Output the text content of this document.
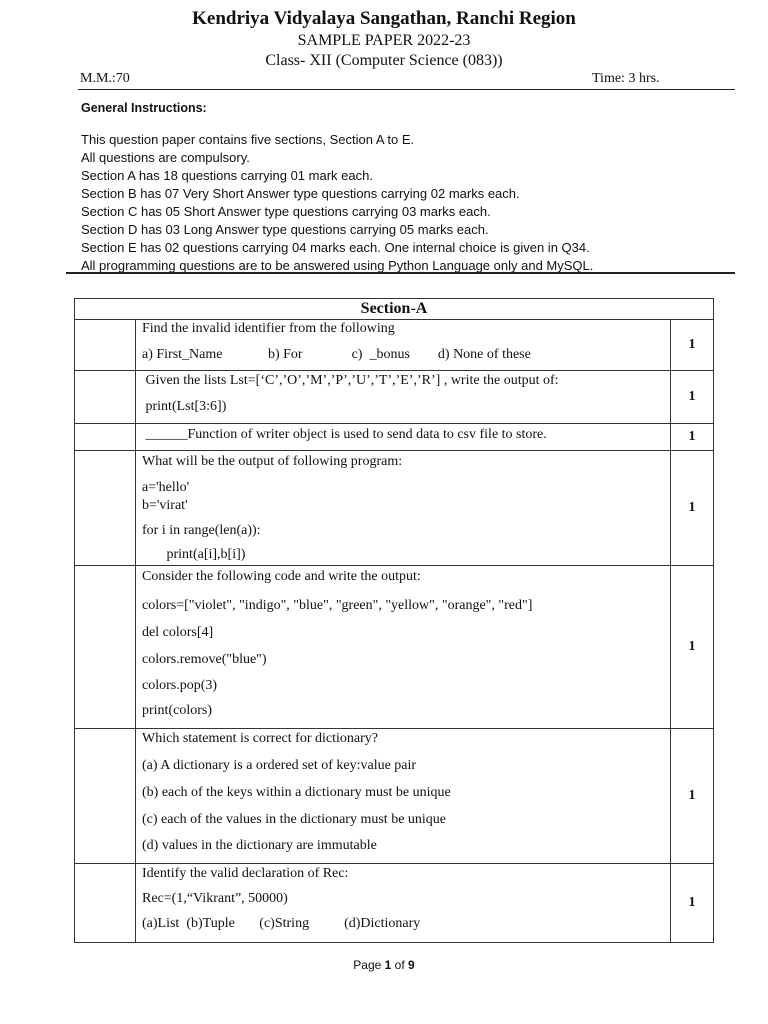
Kendriya Vidyalaya Sangathan, Ranchi Region
SAMPLE PAPER 2022-23
Class- XII (Computer Science (083))
M.M.:70	Time: 3 hrs.
General Instructions:
This question paper contains five sections, Section A to E.
All questions are compulsory.
Section A has 18 questions carrying 01 mark each.
Section B has 07 Very Short Answer type questions carrying 02 marks each.
Section C has 05 Short Answer type questions carrying 03 marks each.
Section D has 03 Long Answer type questions carrying 05 marks each.
Section E has 02 questions carrying 04 marks each. One internal choice is given in Q34.
All programming questions are to be answered using Python Language only and MySQL.
Section-A
Find the invalid identifier from the following
a) First_Name             b) For              c)  _bonus        d) None of these
1
Given the lists Lst=[‘C’,’O’,’M’,’P’,’U’,’T’,’E’,’R’] , write the output of:
print(Lst[3:6])
1
______Function of writer object is used to send data to csv file to store.	1
What will be the output of following program:
a='hello'
b='virat'
for i in range(len(a)):
print(a[i],b[i])
1
Consider the following code and write the output:
colors=["violet", "indigo", "blue", "green", "yellow", "orange", "red"]
del colors[4]
colors.remove("blue")
colors.pop(3)
print(colors)
1
Which statement is correct for dictionary?
(a) A dictionary is a ordered set of key:value pair
(b) each of the keys within a dictionary must be unique
(c) each of the values in the dictionary must be unique
(d) values in the dictionary are immutable
1
Identify the valid declaration of Rec:
Rec=(1,“Vikrant”, 50000)
(a)List  (b)Tuple       (c)String          (d)Dictionary
1
Page 1 of 9
